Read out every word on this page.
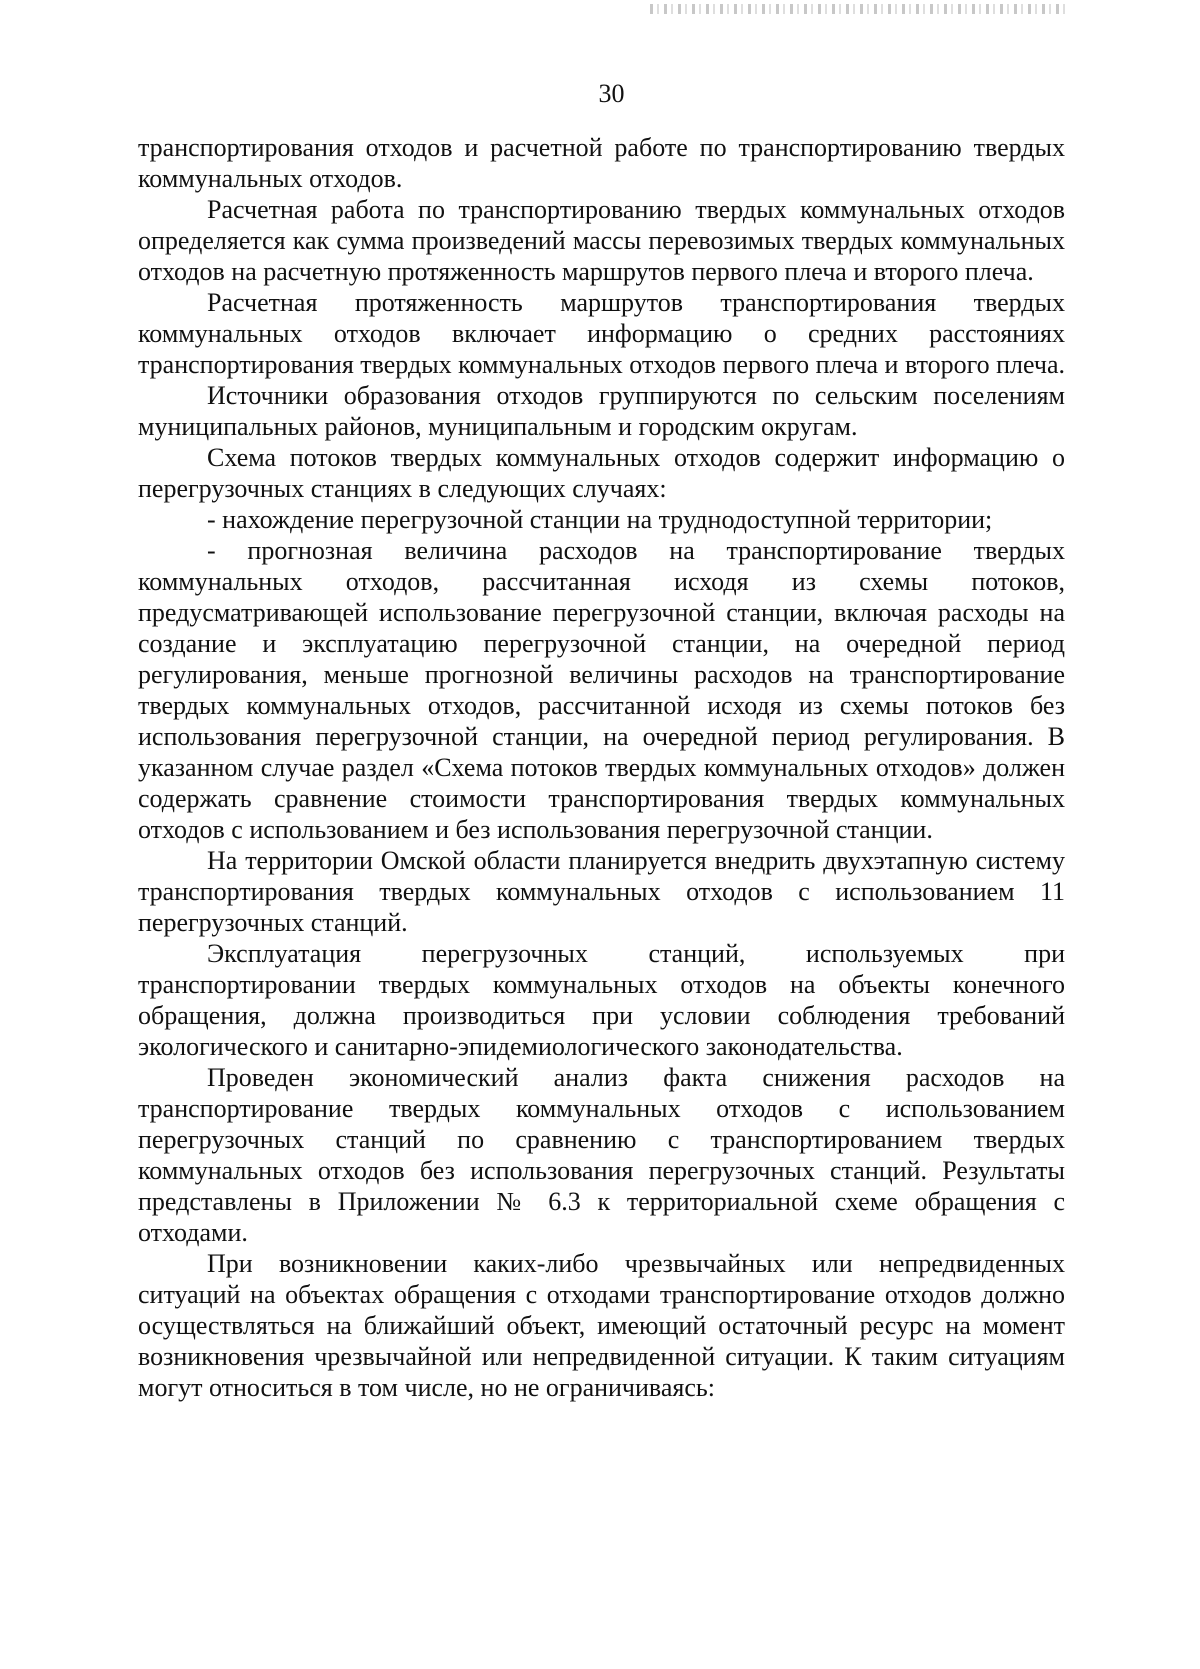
30

транспортирования отходов и расчетной работе по транспортированию твердых коммунальных отходов.

Расчетная работа по транспортированию твердых коммунальных отходов определяется как сумма произведений массы перевозимых твердых коммунальных отходов на расчетную протяженность маршрутов первого плеча и второго плеча.

Расчетная протяженность маршрутов транспортирования твердых коммунальных отходов включает информацию о средних расстояниях транспортирования твердых коммунальных отходов первого плеча и второго плеча.

Источники образования отходов группируются по сельским поселениям муниципальных районов, муниципальным и городским округам.

Схема потоков твердых коммунальных отходов содержит информацию о перегрузочных станциях в следующих случаях:

- нахождение перегрузочной станции на труднодоступной территории;

- прогнозная величина расходов на транспортирование твердых коммунальных отходов, рассчитанная исходя из схемы потоков, предусматривающей использование перегрузочной станции, включая расходы на создание и эксплуатацию перегрузочной станции, на очередной период регулирования, меньше прогнозной величины расходов на транспортирование твердых коммунальных отходов, рассчитанной исходя из схемы потоков без использования перегрузочной станции, на очередной период регулирования. В указанном случае раздел «Схема потоков твердых коммунальных отходов» должен содержать сравнение стоимости транспортирования твердых коммунальных отходов с использованием и без использования перегрузочной станции.

На территории Омской области планируется внедрить двухэтапную систему транспортирования твердых коммунальных отходов с использованием 11 перегрузочных станций.

Эксплуатация перегрузочных станций, используемых при транспортировании твердых коммунальных отходов на объекты конечного обращения, должна производиться при условии соблюдения требований экологического и санитарно-эпидемиологического законодательства.

Проведен экономический анализ факта снижения расходов на транспортирование твердых коммунальных отходов с использованием перегрузочных станций по сравнению с транспортированием твердых коммунальных отходов без использования перегрузочных станций. Результаты представлены в Приложении № 6.3 к территориальной схеме обращения с отходами.

При возникновении каких-либо чрезвычайных или непредвиденных ситуаций на объектах обращения с отходами транспортирование отходов должно осуществляться на ближайший объект, имеющий остаточный ресурс на момент возникновения чрезвычайной или непредвиденной ситуации. К таким ситуациям могут относиться в том числе, но не ограничиваясь:
